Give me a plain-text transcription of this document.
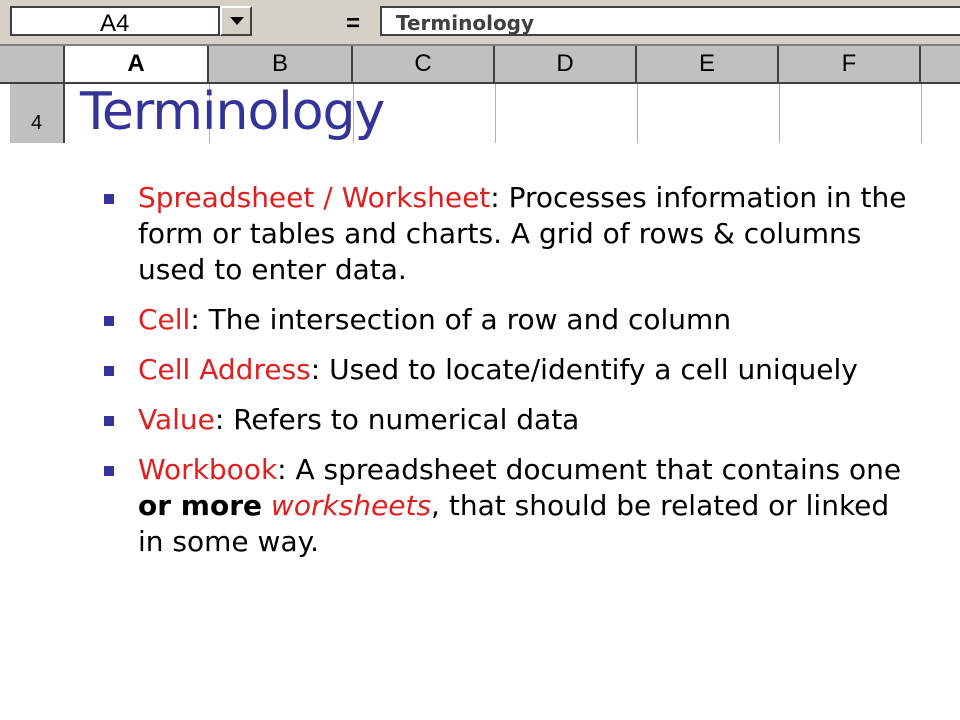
A4	= Terminology
A	B	C	D	E	F
4 Terminology
Spreadsheet / Worksheet: Processes information in the form or tables and charts. A grid of rows & columns used to enter data.
Cell: The intersection of a row and column
Cell Address: Used to locate/identify a cell uniquely
Value: Refers to numerical data
Workbook: A spreadsheet document that contains one or more worksheets, that should be related or linked in some way.
